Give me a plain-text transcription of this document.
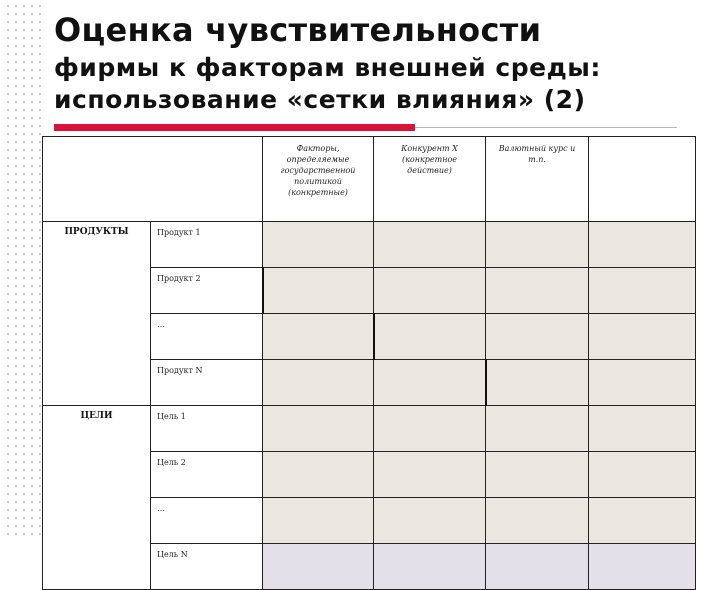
Оценка чувствительности

фирмы к факторам внешней среды:
использование «сетки влияния» (2)
		Факторы, определяемые государственной политикой (конкретные)	Конкурент X (конкретное действие)	Валютный курс и т.п.	
ПРОДУКТЫ	Продукт 1				
	Продукт 2				
	…				
	Продукт N				
ЦЕЛИ	Цель 1				
	Цель 2				
	…				
	Цель N				
